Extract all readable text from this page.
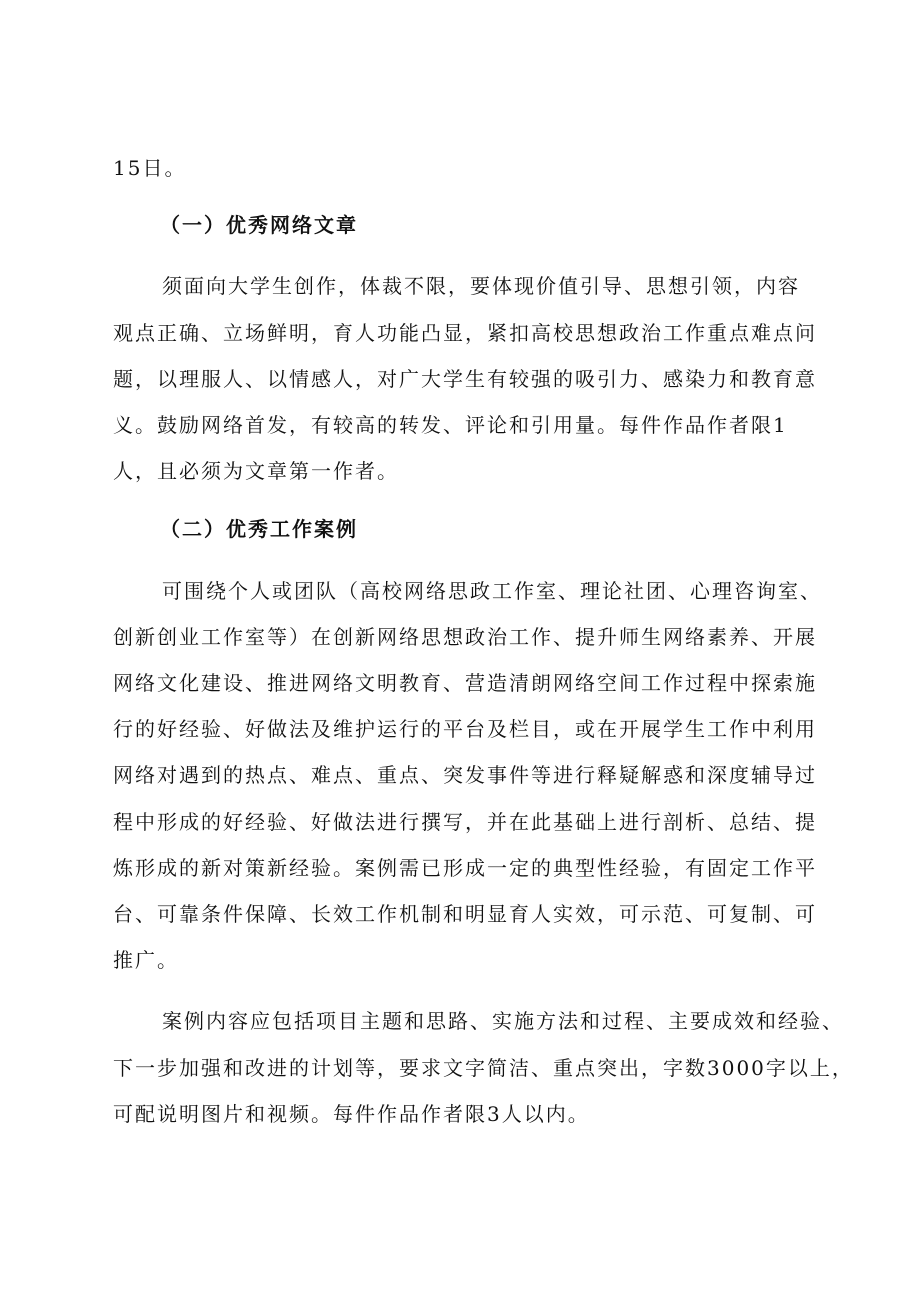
15日。
（一）优秀网络文章
须面向大学生创作，体裁不限，要体现价值引导、思想引领，内容
观点正确、立场鲜明，育人功能凸显，紧扣高校思想政治工作重点难点问
题，以理服人、以情感人，对广大学生有较强的吸引力、感染力和教育意
义。鼓励网络首发，有较高的转发、评论和引用量。每件作品作者限1
人，且必须为文章第一作者。
（二）优秀工作案例
可围绕个人或团队（高校网络思政工作室、理论社团、心理咨询室、
创新创业工作室等）在创新网络思想政治工作、提升师生网络素养、开展
网络文化建设、推进网络文明教育、营造清朗网络空间工作过程中探索施
行的好经验、好做法及维护运行的平台及栏目，或在开展学生工作中利用
网络对遇到的热点、难点、重点、突发事件等进行释疑解惑和深度辅导过
程中形成的好经验、好做法进行撰写，并在此基础上进行剖析、总结、提
炼形成的新对策新经验。案例需已形成一定的典型性经验，有固定工作平
台、可靠条件保障、长效工作机制和明显育人实效，可示范、可复制、可
推广。
案例内容应包括项目主题和思路、实施方法和过程、主要成效和经验、
下一步加强和改进的计划等，要求文字简洁、重点突出，字数3000字以上，
可配说明图片和视频。每件作品作者限3人以内。
